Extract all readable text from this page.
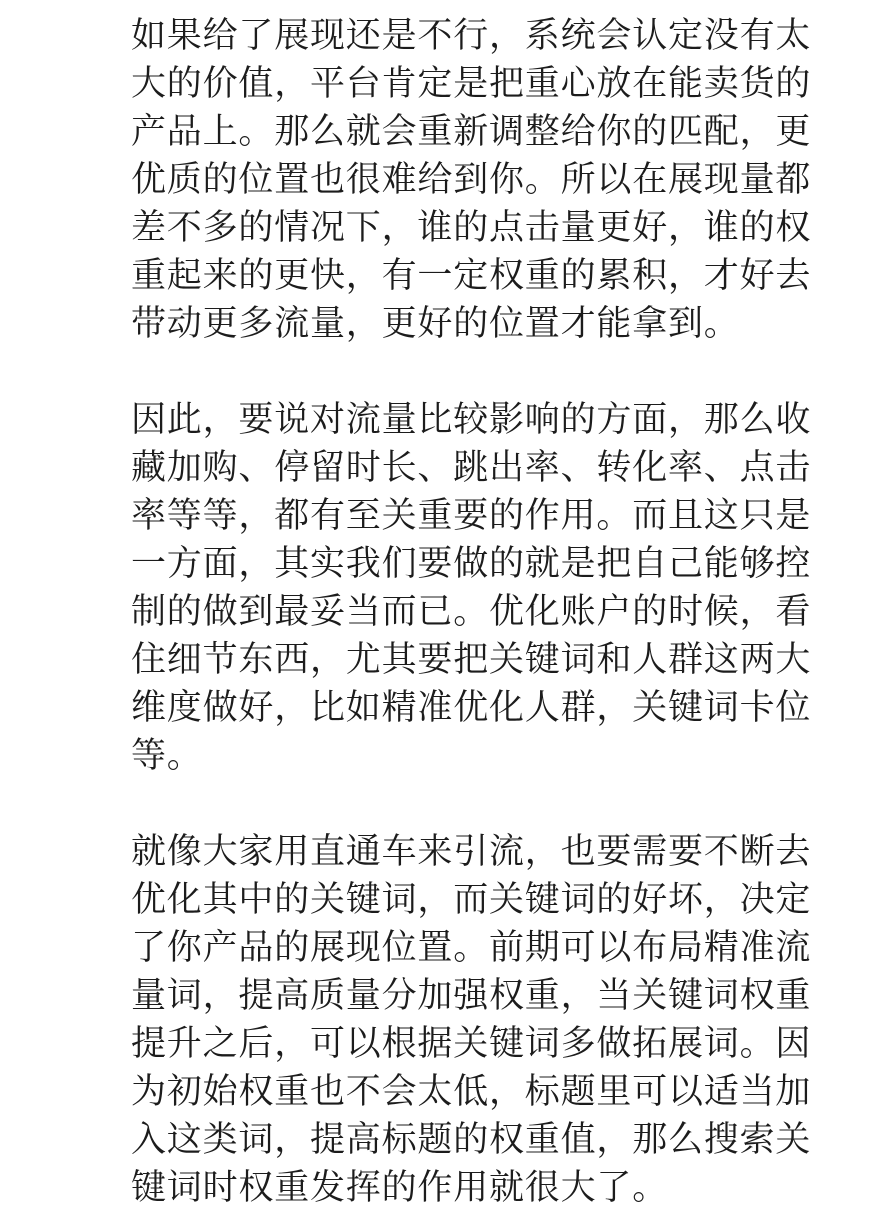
如果给了展现还是不行，系统会认定没有太
大的价值，平台肯定是把重心放在能卖货的
产品上。那么就会重新调整给你的匹配，更
优质的位置也很难给到你。所以在展现量都
差不多的情况下，谁的点击量更好，谁的权
重起来的更快，有一定权重的累积，才好去
带动更多流量，更好的位置才能拿到。
因此，要说对流量比较影响的方面，那么收
藏加购、停留时长、跳出率、转化率、点击
率等等，都有至关重要的作用。而且这只是
一方面，其实我们要做的就是把自己能够控
制的做到最妥当而已。优化账户的时候，看
住细节东西，尤其要把关键词和人群这两大
维度做好，比如精准优化人群，关键词卡位
等。
就像大家用直通车来引流，也要需要不断去
优化其中的关键词，而关键词的好坏，决定
了你产品的展现位置。前期可以布局精准流
量词，提高质量分加强权重，当关键词权重
提升之后，可以根据关键词多做拓展词。因
为初始权重也不会太低，标题里可以适当加
入这类词，提高标题的权重值，那么搜索关
键词时权重发挥的作用就很大了。
